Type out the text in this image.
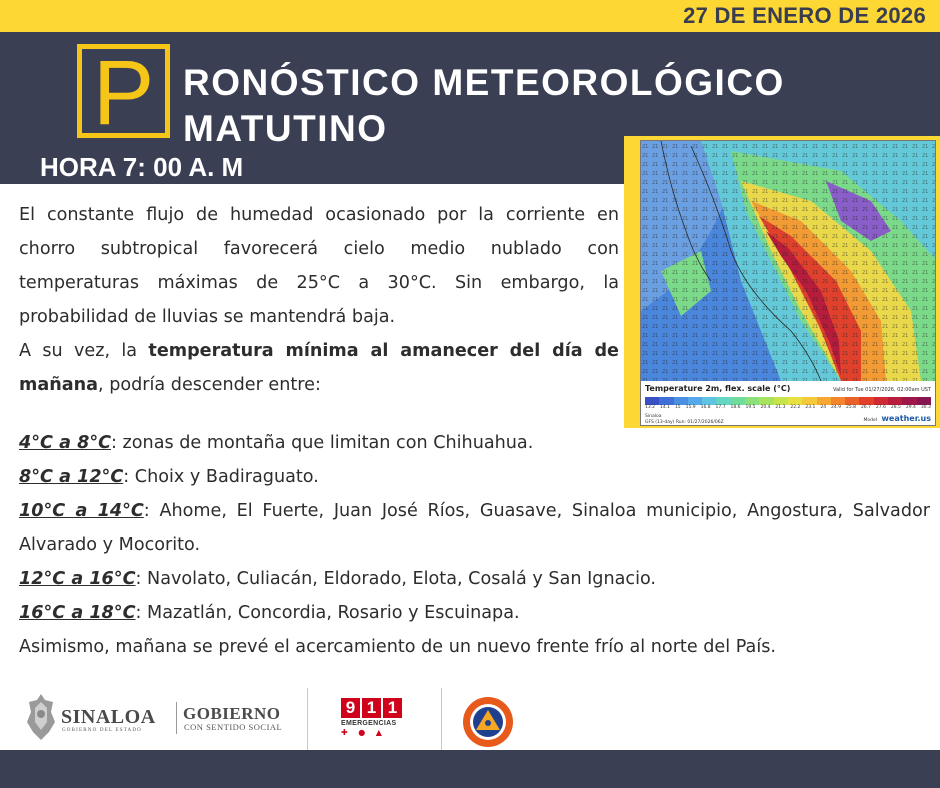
27 DE ENERO DE 2026
P RONÓSTICO METEOROLÓGICO
MATUTINO
HORA 7: 00 A. M
Temperature 2m, flex. scale (°C)	Valid for Tue 01/27/2026, 02:00am UST
13.2 14.1 15 15.9 16.8 17.7 18.6 19.5 20.4 21.3 22.2 23.1 24 24.9 25.8 26.7 27.6 28.5 29.4 30.3
Sinaloa
GFS (13-day) Run: 01/27/2026/06Z	Model weather.us
El constante flujo de humedad ocasionado por la corriente en chorro subtropical favorecerá cielo medio nublado con temperaturas máximas de 25°C a 30°C. Sin embargo, la probabilidad de lluvias se mantendrá baja.
A su vez, la temperatura mínima al amanecer del día de mañana, podría descender entre:
4°C a 8°C: zonas de montaña que limitan con Chihuahua.
8°C a 12°C: Choix y Badiraguato.
10°C a 14°C: Ahome, El Fuerte, Juan José Ríos, Guasave, Sinaloa municipio, Angostura, Salvador Alvarado y Mocorito.
12°C a 16°C: Navolato, Culiacán, Eldorado, Elota, Cosalá y San Ignacio.
16°C a 18°C: Mazatlán, Concordia, Rosario y Escuinapa.
Asimismo, mañana se prevé el acercamiento de un nuevo frente frío al norte del País.
SINALOA
GOBIERNO DEL ESTADO
GOBIERNO
CON SENTIDO SOCIAL
9 1 1
EMERGENCIAS
✚ ● ▲
